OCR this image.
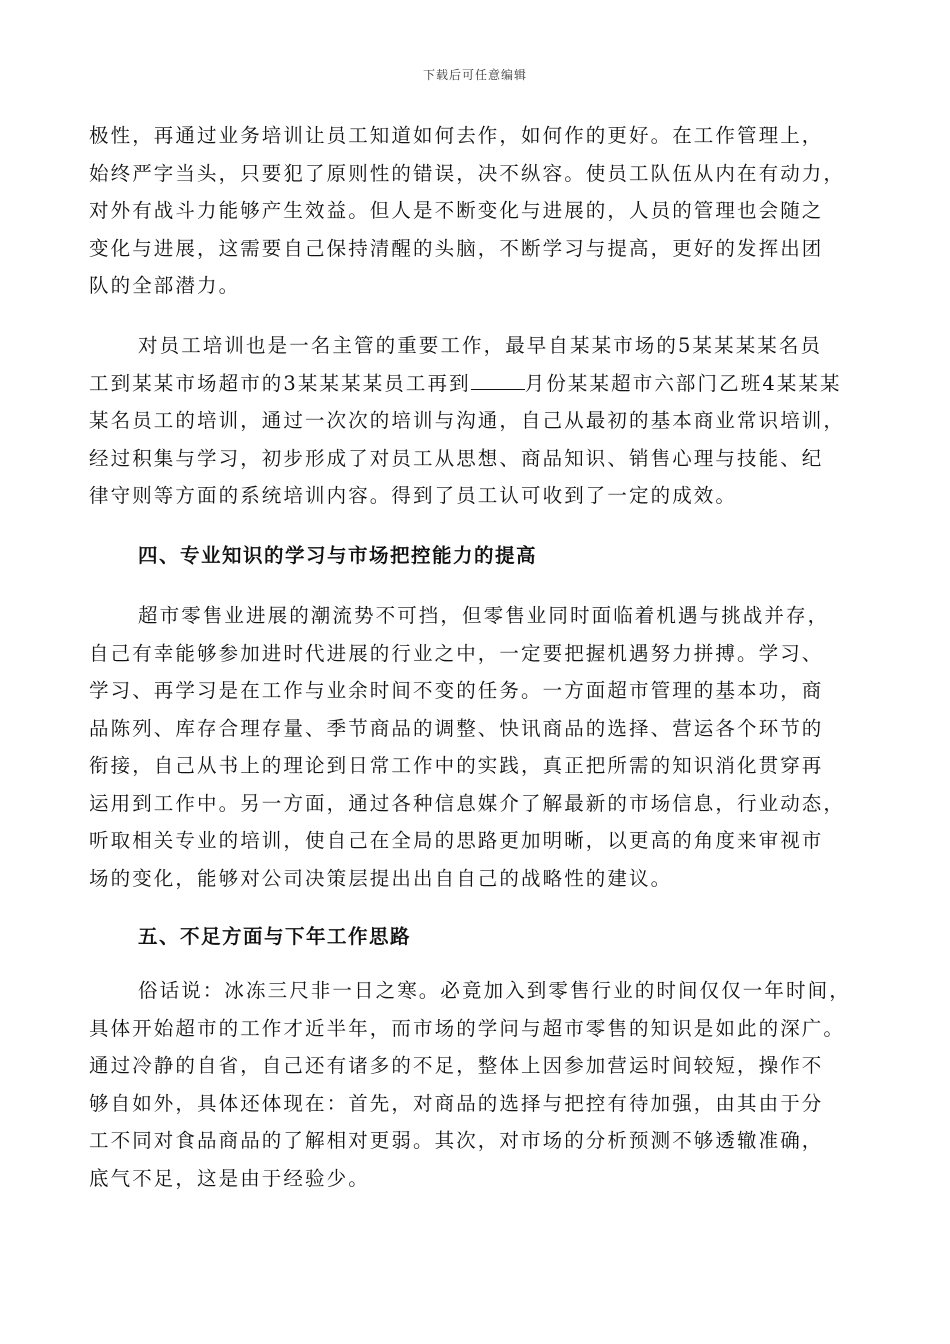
下载后可任意编辑
极性，再通过业务培训让员工知道如何去作，如何作的更好。在工作管理上，
始终严字当头，只要犯了原则性的错误，决不纵容。使员工队伍从内在有动力，
对外有战斗力能够产生效益。但人是不断变化与进展的，人员的管理也会随之
变化与进展，这需要自己保持清醒的头脑，不断学习与提高，更好的发挥出团
队的全部潜力。
对员工培训也是一名主管的重要工作，最早自某某市场的5某某某某名员
工到某某市场超市的3某某某某员工再到	月份某某超市六部门乙班4某某某
某名员工的培训，通过一次次的培训与沟通，自己从最初的基本商业常识培训，
经过积集与学习，初步形成了对员工从思想、商品知识、销售心理与技能、纪
律守则等方面的系统培训内容。得到了员工认可收到了一定的成效。
四、专业知识的学习与市场把控能力的提高
超市零售业进展的潮流势不可挡，但零售业同时面临着机遇与挑战并存，
自己有幸能够参加进时代进展的行业之中，一定要把握机遇努力拼搏。学习、
学习、再学习是在工作与业余时间不变的任务。一方面超市管理的基本功，商
品陈列、库存合理存量、季节商品的调整、快讯商品的选择、营运各个环节的
衔接，自己从书上的理论到日常工作中的实践，真正把所需的知识消化贯穿再
运用到工作中。另一方面，通过各种信息媒介了解最新的市场信息，行业动态，
听取相关专业的培训，使自己在全局的思路更加明晰，以更高的角度来审视市
场的变化，能够对公司决策层提出出自自己的战略性的建议。
五、不足方面与下年工作思路
俗话说：冰冻三尺非一日之寒。必竟加入到零售行业的时间仅仅一年时间，
具体开始超市的工作才近半年，而市场的学问与超市零售的知识是如此的深广。
通过冷静的自省，自己还有诸多的不足，整体上因参加营运时间较短，操作不
够自如外，具体还体现在：首先，对商品的选择与把控有待加强，由其由于分
工不同对食品商品的了解相对更弱。其次，对市场的分析预测不够透辙准确，
底气不足，这是由于经验少。
